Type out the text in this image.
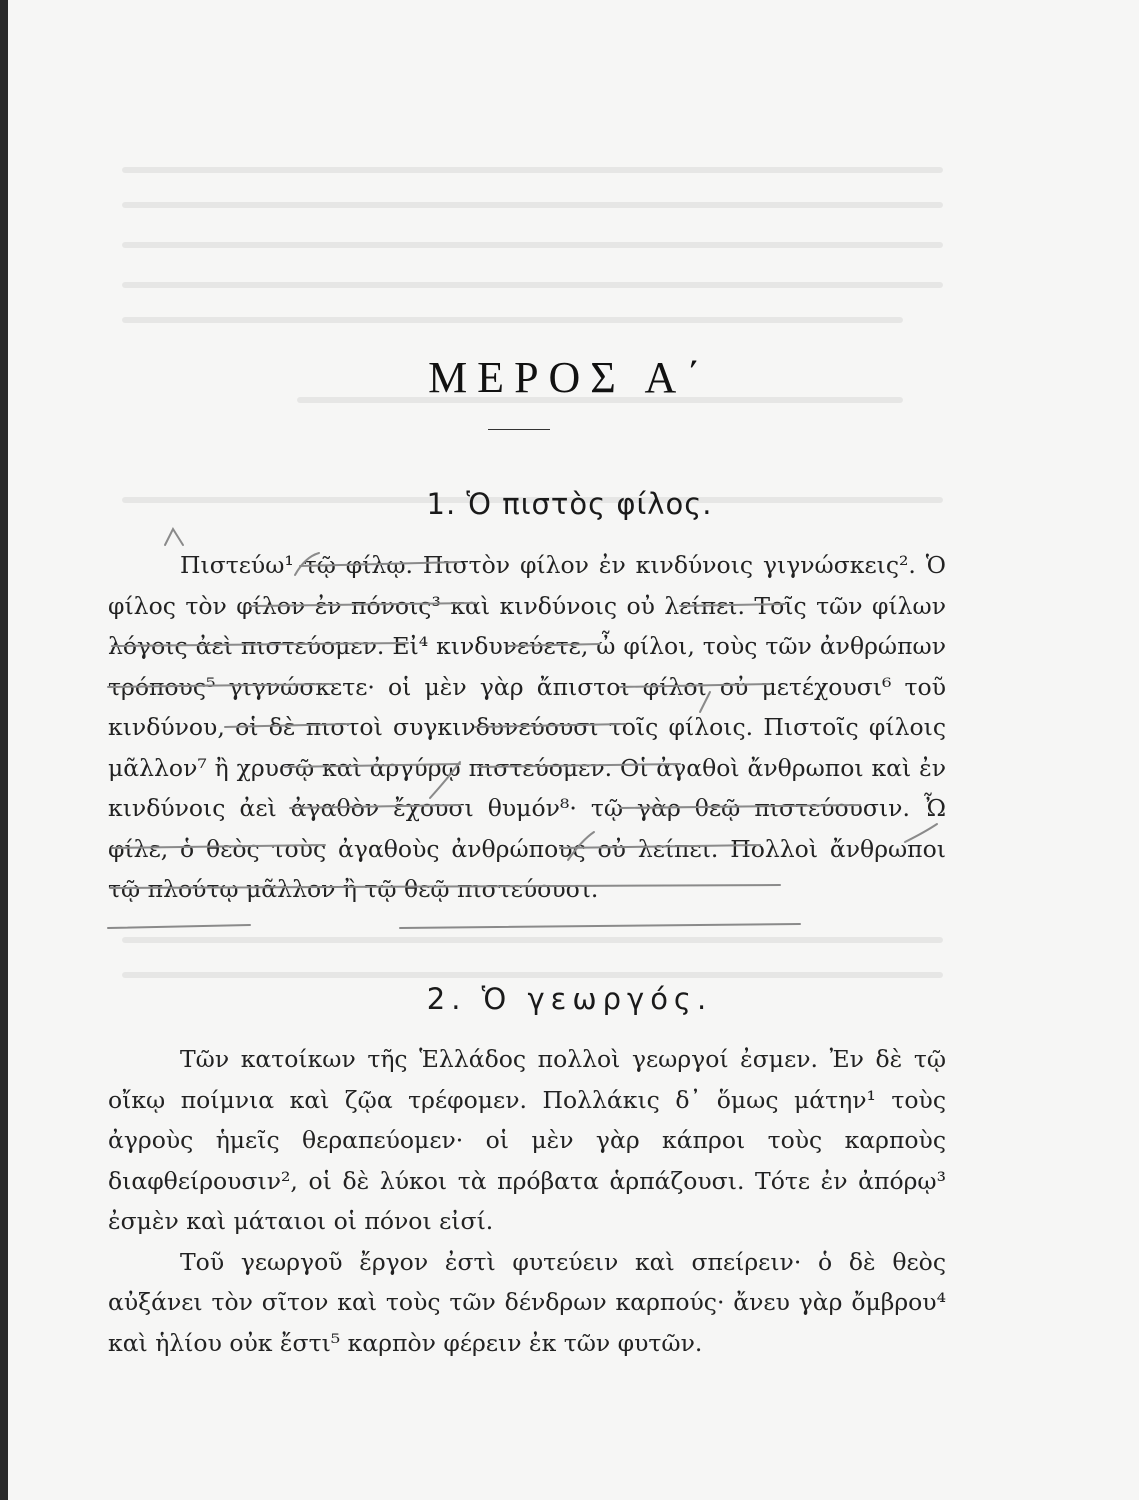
ΜΕΡΟΣ Α΄
1. Ὁ πιστὸς φίλος.

Πιστεύω¹ τῷ φίλῳ. Πιστὸν φίλον ἐν κινδύνοις γιγνώσκεις². Ὁ φίλος τὸν φίλον ἐν πόνοις³ καὶ κινδύνοις οὐ λείπει. Τοῖς τῶν φίλων λόγοις ἀεὶ πιστεύομεν. Εἰ⁴ κινδυνεύετε, ὦ φίλοι, τοὺς τῶν ἀνθρώπων τρόπους⁵ γιγνώσκετε· οἱ μὲν γὰρ ἄπιστοι φίλοι οὐ μετέχουσι⁶ τοῦ κινδύνου, οἱ δὲ πιστοὶ συγκινδυνεύουσι τοῖς φίλοις. Πιστοῖς φίλοις μᾶλλον⁷ ἢ χρυσῷ καὶ ἀργύρῳ πιστεύομεν. Οἱ ἀγαθοὶ ἄνθρωποι καὶ ἐν κινδύνοις ἀεὶ ἀγαθὸν ἔχουσι θυμόν⁸· τῷ γὰρ θεῷ πιστεύουσιν. Ὦ φίλε, ὁ θεὸς τοὺς ἀγαθοὺς ἀνθρώπους οὐ λείπει. Πολλοὶ ἄνθρωποι τῷ πλούτῳ μᾶλλον ἢ τῷ θεῷ πιστεύουσι.

2. Ὁ γεωργός.

Τῶν κατοίκων τῆς Ἑλλάδος πολλοὶ γεωργοί ἐσμεν. Ἐν δὲ τῷ οἴκῳ ποίμνια καὶ ζῷα τρέφομεν. Πολλάκις δ᾽ ὅμως μάτην¹ τοὺς ἀγροὺς ἡμεῖς θεραπεύομεν· οἱ μὲν γὰρ κάπροι τοὺς καρποὺς διαφθείρουσιν², οἱ δὲ λύκοι τὰ πρόβατα ἁρπάζουσι. Τότε ἐν ἀπόρῳ³ ἐσμὲν καὶ μάταιοι οἱ πόνοι εἰσί.

Τοῦ γεωργοῦ ἔργον ἐστὶ φυτεύειν καὶ σπείρειν· ὁ δὲ θεὸς αὐξάνει τὸν σῖτον καὶ τοὺς τῶν δένδρων καρπούς· ἄνευ γὰρ ὄμβρου⁴ καὶ ἡλίου οὐκ ἔστι⁵ καρπὸν φέρειν ἐκ τῶν φυτῶν.
